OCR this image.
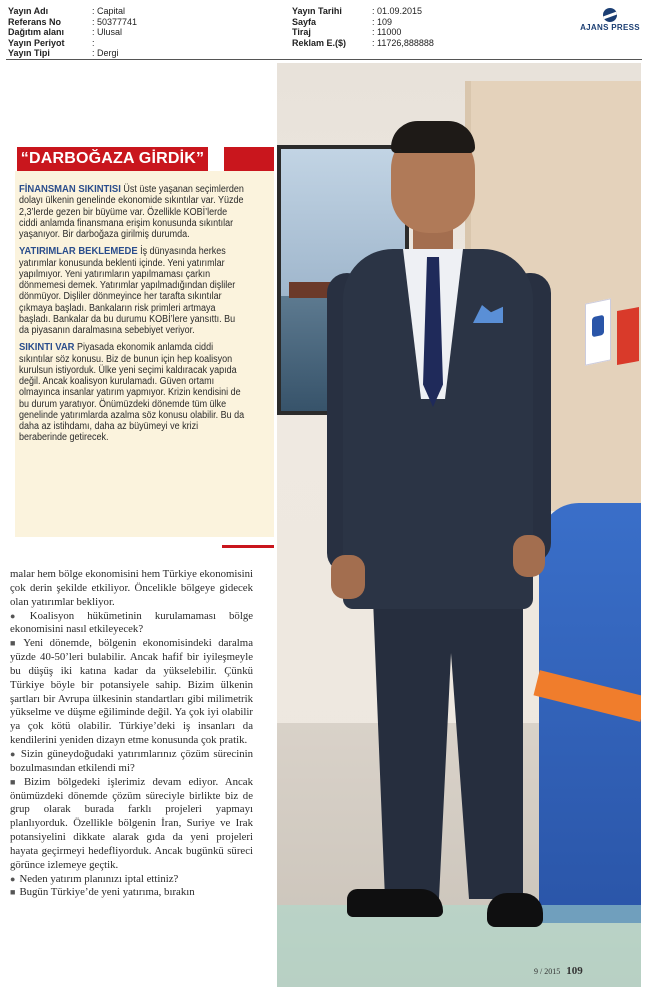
Yayın Adı	: Capital
Referans No	: 50377741
Dağıtım alanı	: Ulusal
Yayın Periyot	:
Yayın Tipi	: Dergi
Yayın Tarihi	: 01.09.2015
Sayfa	: 109
Tiraj	: 11000
Reklam E.($)	: 11726,888888
AJANS PRESS
9 / 2015 109
“DARBOĞAZA GİRDİK”

FİNANSMAN SIKINTISI Üst üste yaşanan seçimlerden dolayı ülkenin genelinde ekonomide sıkıntılar var. Yüzde 2,3’lerde gezen bir büyüme var. Özellikle KOBİ’lerde ciddi anlamda finansmana erişim konusunda sıkıntılar yaşanıyor. Bir darboğaza girilmiş durumda.

YATIRIMLAR BEKLEMEDE İş dünyasında herkes yatırımlar konusunda beklenti içinde. Yeni yatırımlar yapılmıyor. Yeni yatırımların yapılmaması çarkın dönmemesi demek. Yatırımlar yapılmadığından dişliler dönmüyor. Dişliler dönmeyince her tarafta sıkıntılar çıkmaya başladı. Bankaların risk primleri artmaya başladı. Bankalar da bu durumu KOBİ’lere yansıttı. Bu da piyasanın daralmasına sebebiyet veriyor.

SIKINTI VAR Piyasada ekonomik anlamda ciddi sıkıntılar söz konusu. Biz de bunun için hep koalisyon kurulsun istiyorduk. Ülke yeni seçimi kaldıracak yapıda değil. Ancak koalisyon kurulamadı. Güven ortamı olmayınca insanlar yatırım yapmıyor. Krizin kendisini de bu durum yaratıyor. Önümüzdeki dönemde tüm ülke genelinde yatırımlarda azalma söz konusu olabilir. Bu da daha az istihdamı, daha az büyümeyi ve krizi beraberinde getirecek.

malar hem bölge ekonomisini hem Türkiye ekonomisini çok derin şekilde etkiliyor. Öncelikle bölgeye gidecek olan yatırımlar bekliyor.

● Koalisyon hükümetinin kurulamaması bölge ekonomisini nasıl etkileyecek?

■ Yeni dönemde, bölgenin ekonomisindeki daralma yüzde 40-50’leri bulabilir. Ancak hafif bir iyileşmeyle bu düşüş iki katına kadar da yükselebilir. Çünkü Türkiye böyle bir potansiyele sahip. Bizim ülkenin şartları bir Avrupa ülkesinin standartları gibi milimetrik yükselme ve düşme eğiliminde değil. Ya çok iyi olabilir ya çok kötü olabilir. Türkiye’deki iş insanları da kendilerini yeniden dizayn etme konusunda çok pratik.

● Sizin güneydoğudaki yatırımlarınız çözüm sürecinin bozulmasından etkilendi mi?

■ Bizim bölgedeki işlerimiz devam ediyor. Ancak önümüzdeki dönemde çözüm süreciyle birlikte biz de grup olarak burada farklı projeleri yapmayı planlıyorduk. Özellikle bölgenin İran, Suriye ve Irak potansiyelini dikkate alarak gıda da yeni projeleri hayata geçirmeyi hedefliyorduk. Ancak bugünkü süreci görünce izlemeye geçtik.

● Neden yatırım planınızı iptal ettiniz?

■ Bugün Türkiye’de yeni yatırıma, bırakın
